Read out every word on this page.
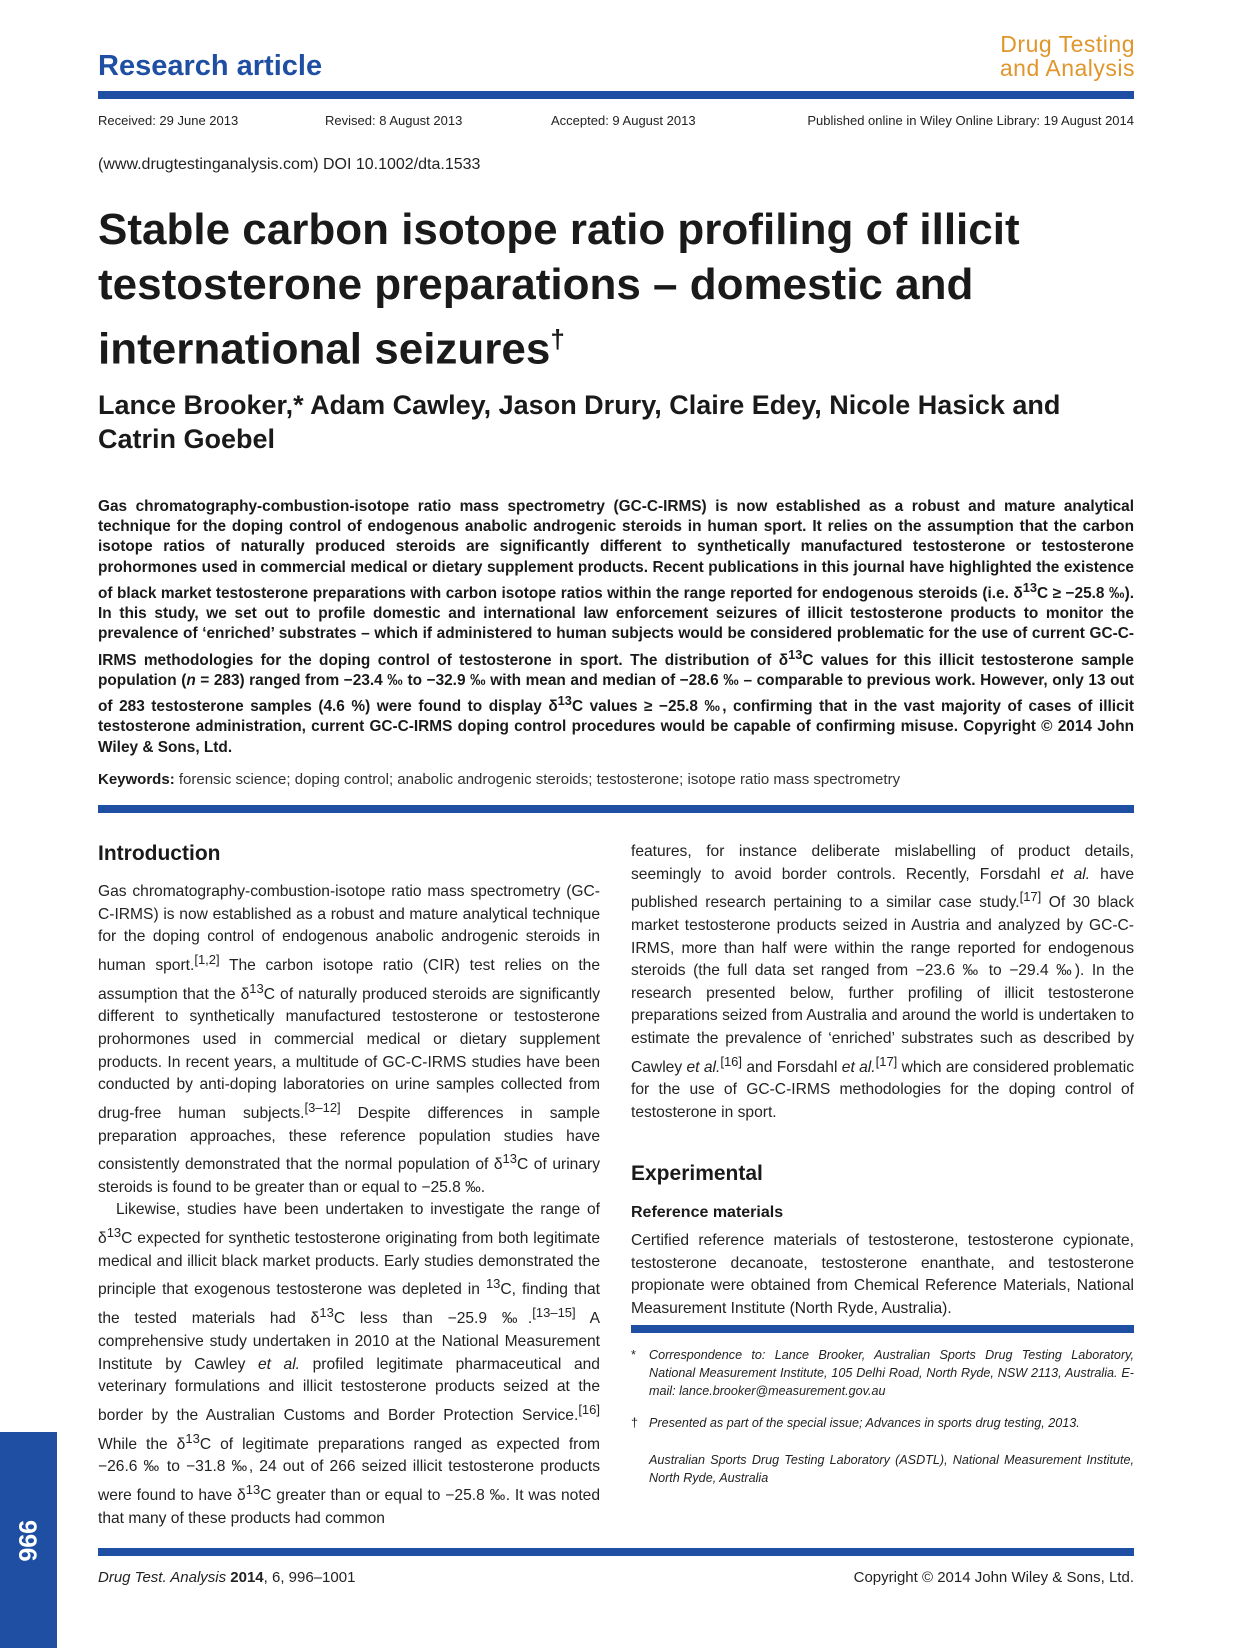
Research article
Drug Testing
and Analysis
Received: 29 June 2013	Revised: 8 August 2013	Accepted: 9 August 2013	Published online in Wiley Online Library: 19 August 2014
(www.drugtestinganalysis.com) DOI 10.1002/dta.1533
Stable carbon isotope ratio profiling of illicit testosterone preparations – domestic and international seizures†
Lance Brooker,* Adam Cawley, Jason Drury, Claire Edey, Nicole Hasick and Catrin Goebel
Gas chromatography-combustion-isotope ratio mass spectrometry (GC-C-IRMS) is now established as a robust and mature analytical technique for the doping control of endogenous anabolic androgenic steroids in human sport. It relies on the assumption that the carbon isotope ratios of naturally produced steroids are significantly different to synthetically manufactured testosterone or testosterone prohormones used in commercial medical or dietary supplement products. Recent publications in this journal have highlighted the existence of black market testosterone preparations with carbon isotope ratios within the range reported for endogenous steroids (i.e. $\delta^{13}C \ge -25.8$ ‰). In this study, we set out to profile domestic and international law enforcement seizures of illicit testosterone products to monitor the prevalence of ‘enriched’ substrates – which if administered to human subjects would be considered problematic for the use of current GC-C-IRMS methodologies for the doping control of testosterone in sport. The distribution of $\delta^{13}C$ values for this illicit testosterone sample population (n = 283) ranged from −23.4 ‰ to −32.9 ‰ with mean and median of −28.6 ‰ – comparable to previous work. However, only 13 out of 283 testosterone samples (4.6 %) were found to display $\delta^{13}C$ values ≥ −25.8 ‰, confirming that in the vast majority of cases of illicit testosterone administration, current GC-C-IRMS doping control procedures would be capable of confirming misuse. Copyright © 2014 John Wiley & Sons, Ltd.
Keywords: forensic science; doping control; anabolic androgenic steroids; testosterone; isotope ratio mass spectrometry
Introduction

Gas chromatography-combustion-isotope ratio mass spectrometry (GC-C-IRMS) is now established as a robust and mature analytical technique for the doping control of endogenous anabolic androgenic steroids in human sport.[1,2] The carbon isotope ratio (CIR) test relies on the assumption that the $\delta^{13}C$ of naturally produced steroids are significantly different to synthetically manufactured testosterone or testosterone prohormones used in commercial medical or dietary supplement products. In recent years, a multitude of GC-C-IRMS studies have been conducted by anti-doping laboratories on urine samples collected from drug-free human subjects.[3–12] Despite differences in sample preparation approaches, these reference population studies have consistently demonstrated that the normal population of $\delta^{13}C$ of urinary steroids is found to be greater than or equal to −25.8 ‰.

Likewise, studies have been undertaken to investigate the range of $\delta^{13}C$ expected for synthetic testosterone originating from both legitimate medical and illicit black market products. Early studies demonstrated the principle that exogenous testosterone was depleted in $^{13}$C, finding that the tested materials had $\delta^{13}C$ less than −25.9 ‰.[13–15] A comprehensive study undertaken in 2010 at the National Measurement Institute by Cawley et al. profiled legitimate pharmaceutical and veterinary formulations and illicit testosterone products seized at the border by the Australian Customs and Border Protection Service.[16] While the $\delta^{13}C$ of legitimate preparations ranged as expected from −26.6 ‰ to −31.8 ‰, 24 out of 266 seized illicit testosterone products were found to have $\delta^{13}C$ greater than or equal to −25.8 ‰. It was noted that many of these products had common

features, for instance deliberate mislabelling of product details, seemingly to avoid border controls. Recently, Forsdahl et al. have published research pertaining to a similar case study.[17] Of 30 black market testosterone products seized in Austria and analyzed by GC-C-IRMS, more than half were within the range reported for endogenous steroids (the full data set ranged from −23.6 ‰ to −29.4 ‰). In the research presented below, further profiling of illicit testosterone preparations seized from Australia and around the world is undertaken to estimate the prevalence of ‘enriched’ substrates such as described by Cawley et al.[16] and Forsdahl et al.[17] which are considered problematic for the use of GC-C-IRMS methodologies for the doping control of testosterone in sport.

Experimental
Reference materials

Certified reference materials of testosterone, testosterone cypionate, testosterone decanoate, testosterone enanthate, and testosterone propionate were obtained from Chemical Reference Materials, National Measurement Institute (North Ryde, Australia).

* Correspondence to: Lance Brooker, Australian Sports Drug Testing Laboratory, National Measurement Institute, 105 Delhi Road, North Ryde, NSW 2113, Australia. E-mail: lance.brooker@measurement.gov.au
† Presented as part of the special issue; Advances in sports drug testing, 2013.
Australian Sports Drug Testing Laboratory (ASDTL), National Measurement Institute, North Ryde, Australia
996
Drug Test. Analysis 2014, 6, 996–1001	Copyright © 2014 John Wiley & Sons, Ltd.
